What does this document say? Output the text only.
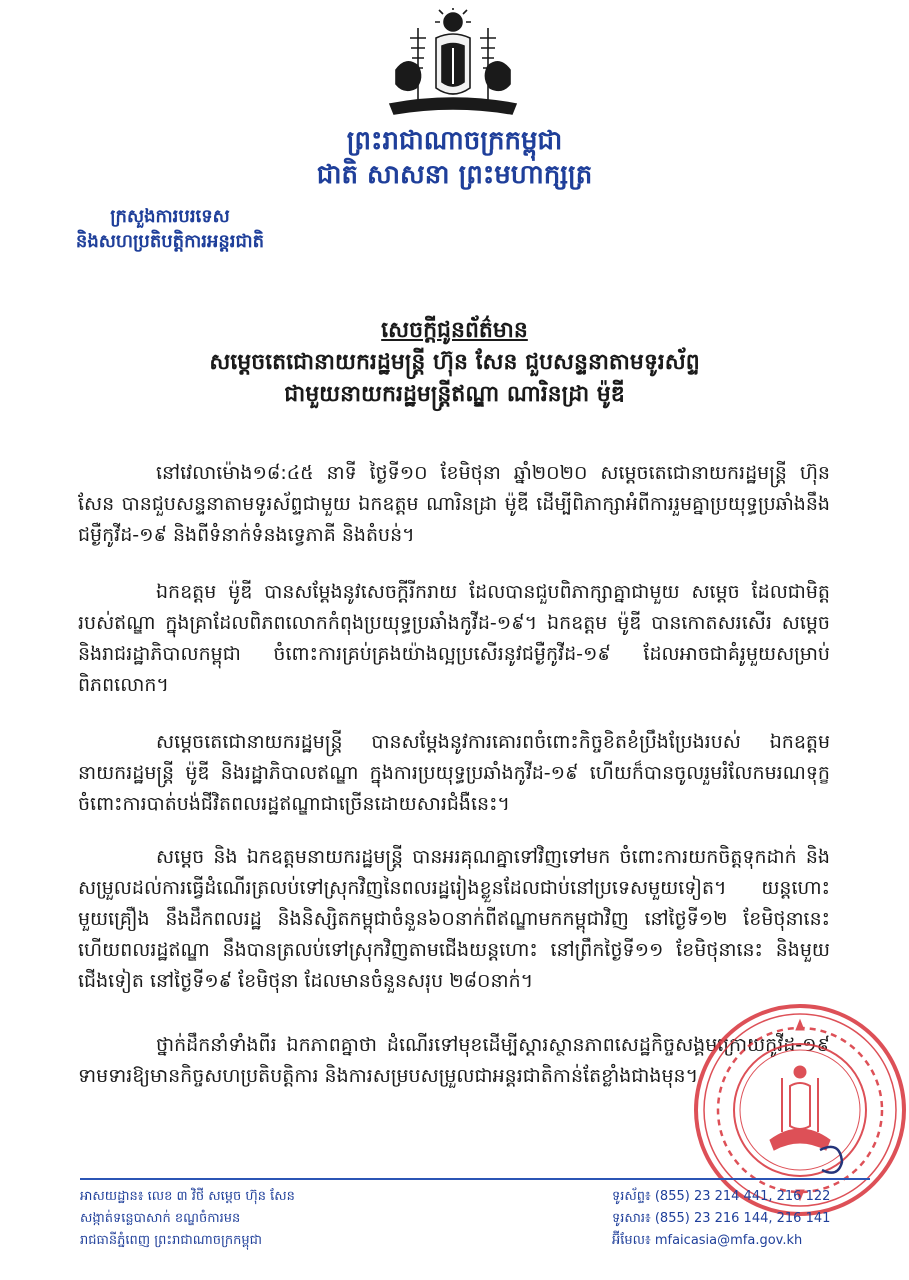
ព្រះរាជាណាចក្រកម្ពុជា
ជាតិ សាសនា ព្រះមហាក្សត្រ
ក្រសួងការបរទេស
និងសហប្រតិបត្តិការអន្តរជាតិ
សេចក្តីជូនព័ត៌មាន
សម្តេចតេជោនាយករដ្ឋមន្ត្រី ហ៊ុន សែន ជួបសន្ទនាតាមទូរស័ព្ទ
ជាមួយនាយករដ្ឋមន្ត្រីឥណ្ឌា ណារិនដ្រា ម៉ូឌី

នៅវេលាម៉ោង១៨:៤៥ នាទី ថ្ងៃទី១០ ខែមិថុនា ឆ្នាំ២០២០ សម្តេចតេជោនាយករដ្ឋមន្ត្រី ហ៊ុន សែន បានជួបសន្ទនាតាមទូរស័ព្ទជាមួយ ឯកឧត្តម ណារិនដ្រា ម៉ូឌី ដើម្បីពិភាក្សាអំពីការរួមគ្នាប្រយុទ្ធប្រឆាំងនឹងជម្ងឺកូវីដ-១៩ និងពីទំនាក់ទំនងទ្វេភាគី និងតំបន់។

ឯកឧត្តម ម៉ូឌី បានសម្តែងនូវសេចក្តីរីករាយ ដែលបានជួបពិភាក្សាគ្នាជាមួយ សម្តេច ដែលជាមិត្តរបស់ឥណ្ឌា ក្នុងគ្រាដែលពិភពលោកកំពុងប្រយុទ្ធប្រឆាំងកូវីដ-១៩។ ឯកឧត្តម ម៉ូឌី បានកោតសរសើរ សម្តេច និងរាជរដ្ឋាភិបាលកម្ពុជា ចំពោះការគ្រប់គ្រងយ៉ាងល្អប្រសើរនូវជម្ងឺកូវីដ-១៩ ដែលអាចជាគំរូមួយសម្រាប់ពិភពលោក។

សម្តេចតេជោនាយករដ្ឋមន្ត្រី បានសម្តែងនូវការគោរពចំពោះកិច្ចខិតខំប្រឹងប្រែងរបស់ ឯកឧត្តម នាយករដ្ឋមន្ត្រី ម៉ូឌី និងរដ្ឋាភិបាលឥណ្ឌា ក្នុងការប្រយុទ្ធប្រឆាំងកូវីដ-១៩ ហើយក៏បានចូលរួមរំលែកមរណទុក្ខ ចំពោះការបាត់បង់ជីវិតពលរដ្ឋឥណ្ឌាជាច្រើនដោយសារជំងឺនេះ។

សម្តេច និង ឯកឧត្តមនាយករដ្ឋមន្ត្រី បានអរគុណគ្នាទៅវិញទៅមក ចំពោះការយកចិត្តទុកដាក់ និងសម្រួលដល់ការធ្វើដំណើរត្រលប់ទៅស្រុកវិញនៃពលរដ្ឋរៀងខ្លួនដែលជាប់នៅប្រទេសមួយទៀត។ យន្តហោះមួយគ្រឿង នឹងដឹកពលរដ្ឋ និងនិស្សិតកម្ពុជាចំនួន៦០នាក់ពីឥណ្ឌាមកកម្ពុជាវិញ នៅថ្ងៃទី១២ ខែមិថុនានេះ ហើយពលរដ្ឋឥណ្ឌា នឹងបានត្រលប់ទៅស្រុកវិញតាមជើងយន្តហោះ នៅព្រឹកថ្ងៃទី១១ ខែមិថុនានេះ និងមួយជើងទៀត នៅថ្ងៃទី១៩ ខែមិថុនា ដែលមានចំនួនសរុប ២៨០នាក់។

ថ្នាក់ដឹកនាំទាំងពីរ ឯកភាពគ្នាថា ដំណើរទៅមុខដើម្បីស្តារស្ថានភាពសេដ្ឋកិច្ចសង្គមក្រោយកូវីដ-១៩ ទាមទារឱ្យមានកិច្ចសហប្រតិបត្តិការ និងការសម្របសម្រួលជាអន្តរជាតិកាន់តែខ្លាំងជាងមុន។

អាសយដ្ឋាន៖ លេខ ៣ វិថី សម្តេច ហ៊ុន សែន
សង្កាត់ទន្លេបាសាក់ ខណ្ឌចំការមន
រាជធានីភ្នំពេញ ព្រះរាជាណាចក្រកម្ពុជា
ទូរស័ព្ទ៖ (855) 23 214 441, 216 122
ទូរសារ៖ (855) 23 216 144, 216 141
អ៊ីមែល៖ mfaicasia@mfa.gov.kh
